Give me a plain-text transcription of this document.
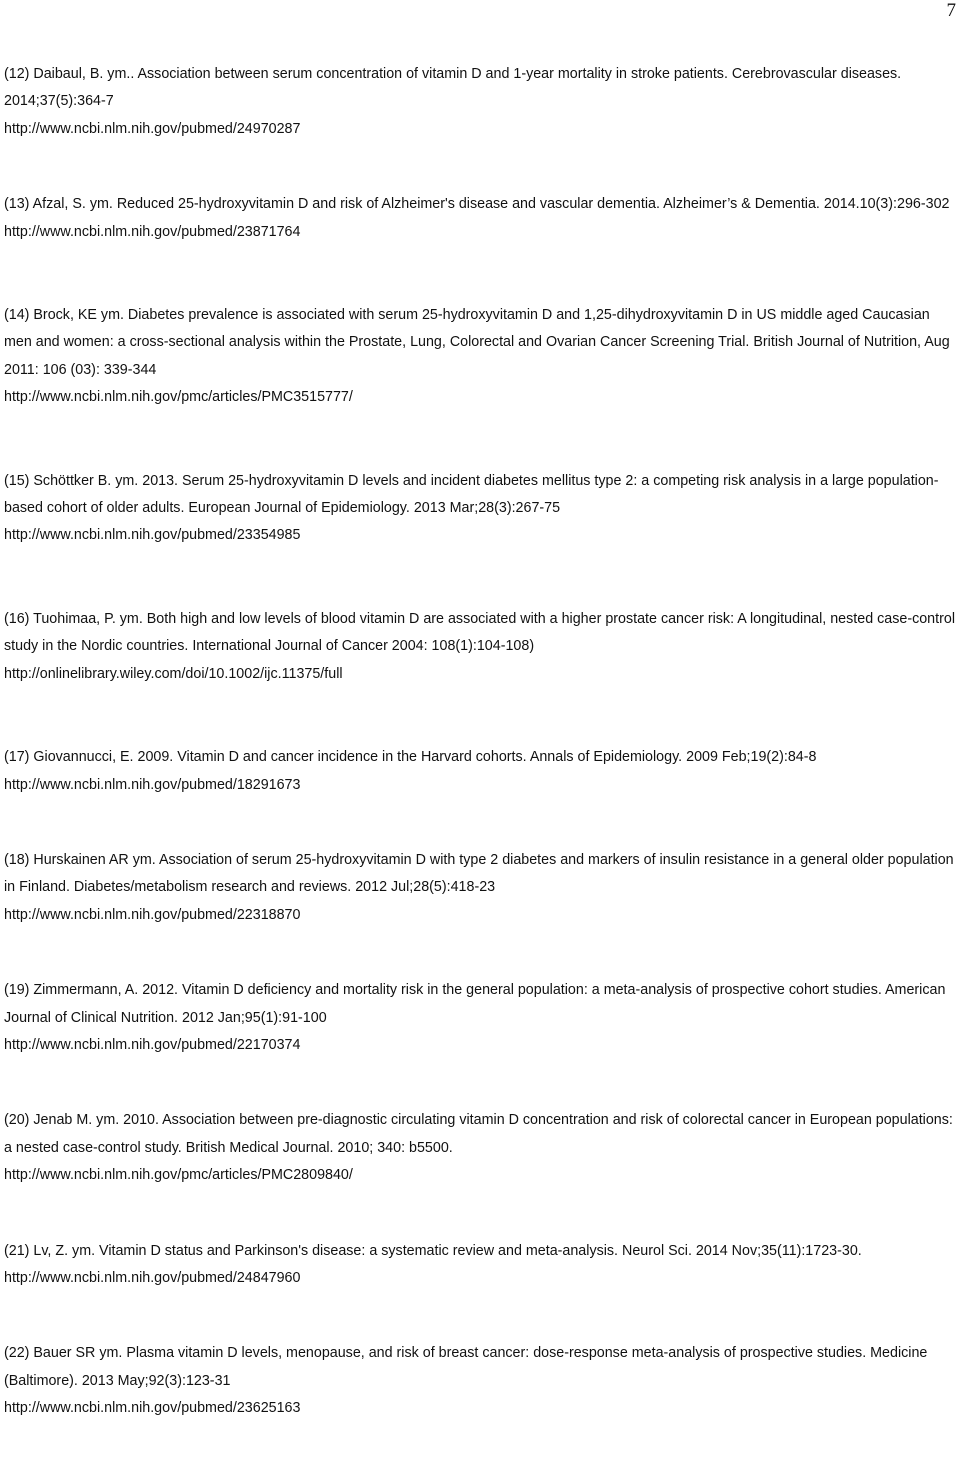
7
(12) Daibaul, B. ym.. Association between serum concentration of vitamin D and 1-year mortality in stroke patients. Cerebrovascular diseases. 2014;37(5):364-7
http://www.ncbi.nlm.nih.gov/pubmed/24970287
(13) Afzal, S. ym. Reduced 25-hydroxyvitamin D and risk of Alzheimer's disease and vascular dementia. Alzheimer’s & Dementia. 2014.10(3):296-302
http://www.ncbi.nlm.nih.gov/pubmed/23871764
(14) Brock, KE ym. Diabetes prevalence is associated with serum 25-hydroxyvitamin D and 1,25-dihydroxyvitamin D in US middle aged Caucasian men and women: a cross-sectional analysis within the Prostate, Lung, Colorectal and Ovarian Cancer Screening Trial. British Journal of Nutrition, Aug 2011: 106 (03): 339-344
http://www.ncbi.nlm.nih.gov/pmc/articles/PMC3515777/
(15) Schöttker B. ym. 2013. Serum 25-hydroxyvitamin D levels and incident diabetes mellitus type 2: a competing risk analysis in a large population-based cohort of older adults. European Journal of Epidemiology. 2013 Mar;28(3):267-75
http://www.ncbi.nlm.nih.gov/pubmed/23354985
(16) Tuohimaa, P. ym. Both high and low levels of blood vitamin D are associated with a higher prostate cancer risk: A longitudinal, nested case-control study in the Nordic countries. International Journal of Cancer 2004: 108(1):104-108)
http://onlinelibrary.wiley.com/doi/10.1002/ijc.11375/full
(17) Giovannucci, E. 2009. Vitamin D and cancer incidence in the Harvard cohorts. Annals of Epidemiology. 2009 Feb;19(2):84-8
http://www.ncbi.nlm.nih.gov/pubmed/18291673
(18) Hurskainen AR ym. Association of serum 25-hydroxyvitamin D with type 2 diabetes and markers of insulin resistance in a general older population in Finland. Diabetes/metabolism research and reviews. 2012 Jul;28(5):418-23
http://www.ncbi.nlm.nih.gov/pubmed/22318870
(19) Zimmermann, A. 2012. Vitamin D deficiency and mortality risk in the general population: a meta-analysis of prospective cohort studies. American Journal of Clinical Nutrition. 2012 Jan;95(1):91-100
http://www.ncbi.nlm.nih.gov/pubmed/22170374
(20) Jenab M. ym. 2010. Association between pre-diagnostic circulating vitamin D concentration and risk of colorectal cancer in European populations: a nested case-control study. British Medical Journal. 2010; 340: b5500.
http://www.ncbi.nlm.nih.gov/pmc/articles/PMC2809840/
(21) Lv, Z. ym. Vitamin D status and Parkinson's disease: a systematic review and meta-analysis. Neurol Sci. 2014 Nov;35(11):1723-30.
http://www.ncbi.nlm.nih.gov/pubmed/24847960
(22) Bauer SR ym. Plasma vitamin D levels, menopause, and risk of breast cancer: dose-response meta-analysis of prospective studies. Medicine (Baltimore). 2013 May;92(3):123-31
http://www.ncbi.nlm.nih.gov/pubmed/23625163
